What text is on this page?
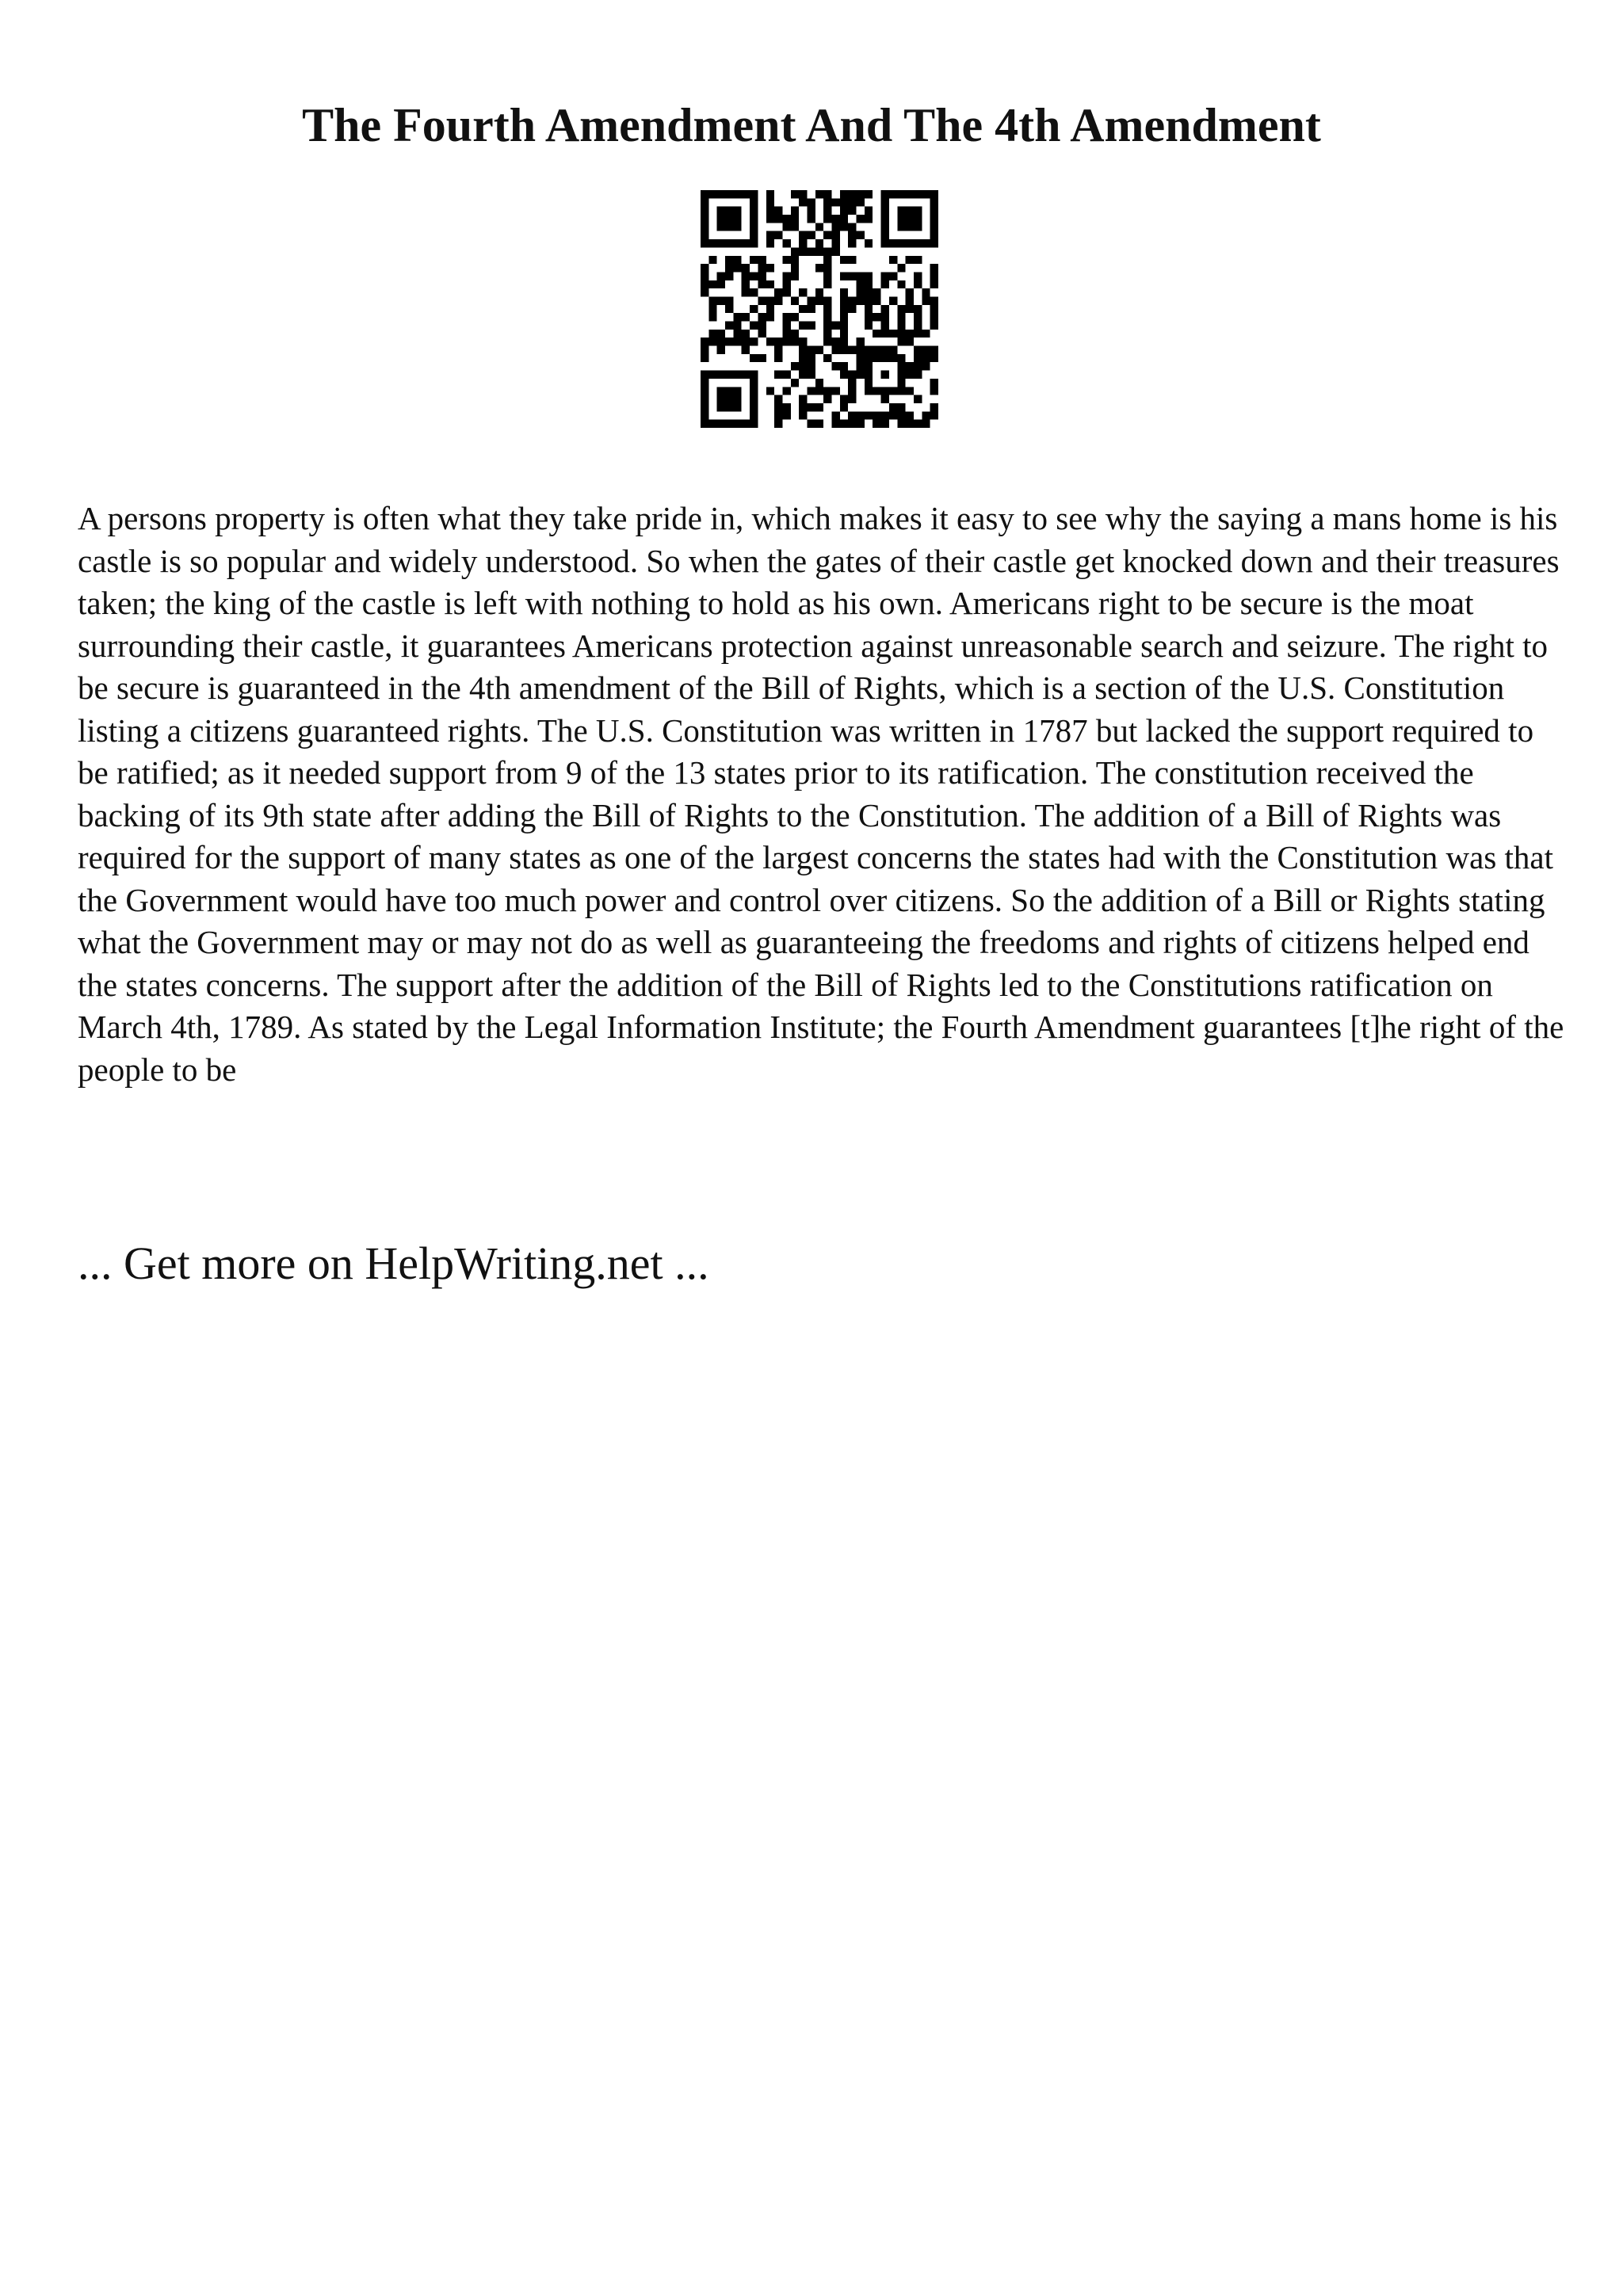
The Fourth Amendment And The 4th Amendment

A persons property is often what they take pride in, which makes it easy to see why the saying a mans home is his castle is so popular and widely understood. So when the gates of their castle get knocked down and their treasures taken; the king of the castle is left with nothing to hold as his own. Americans right to be secure is the moat surrounding their castle, it guarantees Americans protection against unreasonable search and seizure. The right to be secure is guaranteed in the 4th amendment of the Bill of Rights, which is a section of the U.S. Constitution listing a citizens guaranteed rights. The U.S. Constitution was written in 1787 but lacked the support required to be ratified; as it needed support from 9 of the 13 states prior to its ratification. The constitution received the backing of its 9th state after adding the Bill of Rights to the Constitution. The addition of a Bill of Rights was required for the support of many states as one of the largest concerns the states had with the Constitution was that the Government would have too much power and control over citizens. So the addition of a Bill or Rights stating what the Government may or may not do as well as guaranteeing the freedoms and rights of citizens helped end the states concerns. The support after the addition of the Bill of Rights led to the Constitutions ratification on March 4th, 1789. As stated by the Legal Information Institute; the Fourth Amendment guarantees [t]he right of the people to be

... Get more on HelpWriting.net ...
